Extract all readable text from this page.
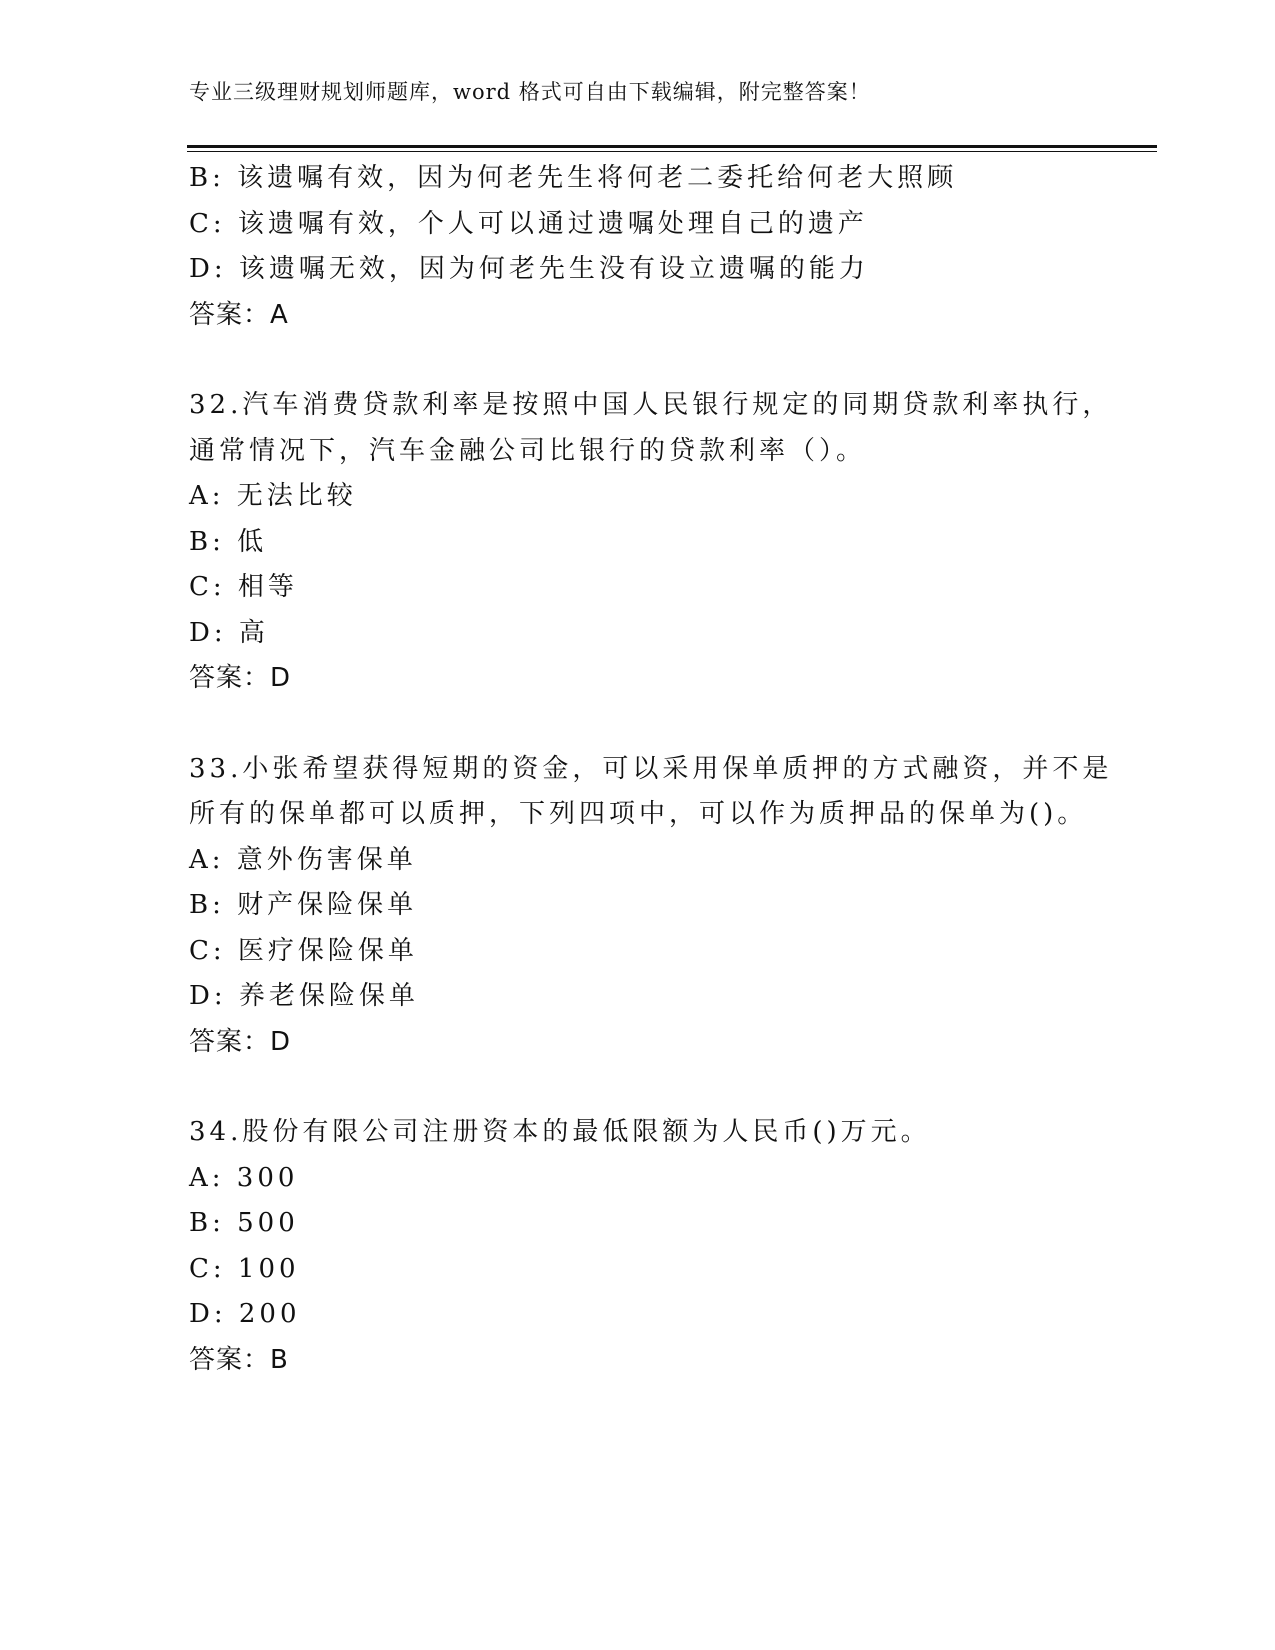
专业三级理财规划师题库，word 格式可自由下载编辑，附完整答案！
B: 该遗嘱有效，因为何老先生将何老二委托给何老大照顾
C: 该遗嘱有效，个人可以通过遗嘱处理自己的遗产
D: 该遗嘱无效，因为何老先生没有设立遗嘱的能力
答案：A
32.汽车消费贷款利率是按照中国人民银行规定的同期贷款利率执行，
通常情况下，汽车金融公司比银行的贷款利率（）。
A: 无法比较
B: 低
C: 相等
D: 高
答案：D
33.小张希望获得短期的资金，可以采用保单质押的方式融资，并不是
所有的保单都可以质押，下列四项中，可以作为质押品的保单为()。
A: 意外伤害保单
B: 财产保险保单
C: 医疗保险保单
D: 养老保险保单
答案：D
34.股份有限公司注册资本的最低限额为人民币()万元。
A: 300
B: 500
C: 100
D: 200
答案：B
